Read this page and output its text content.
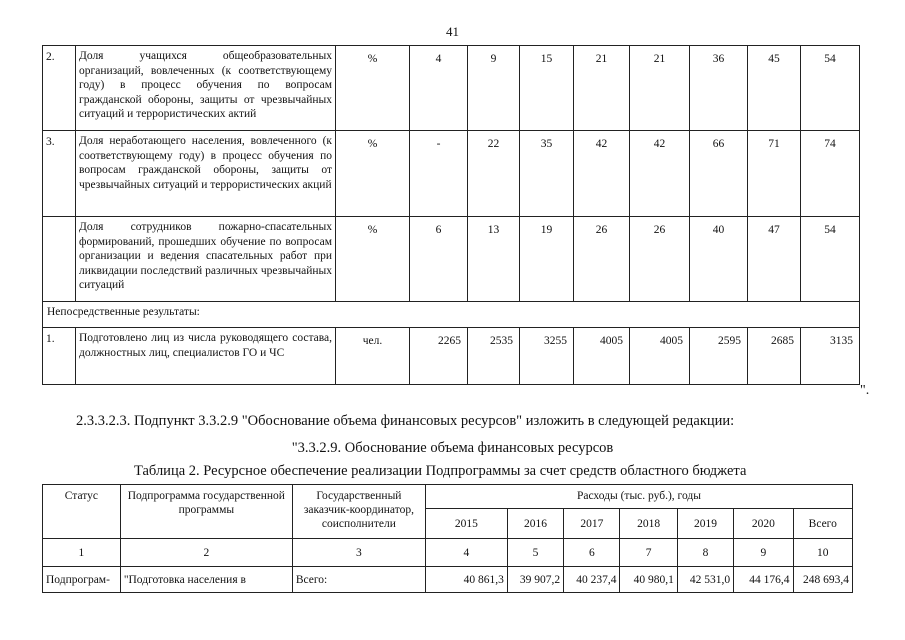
41
2.	Доля учащихся общеобразовательных организаций, вовлеченных (к соответствующему году) в процесс обучения по вопросам гражданской обороны, защиты от чрезвычайных ситуаций и террористических актий	%	4	9	15	21	21	36	45	54
3.	Доля неработающего населения, вовлеченного (к соответствующему году) в процесс обучения по вопросам гражданской обороны, защиты от чрезвычайных ситуаций и террористических акций	%	-	22	35	42	42	66	71	74
	Доля сотрудников пожарно-спасательных формирований, прошедших обучение по вопросам организации и ведения спасательных работ при ликвидации последствий различных чрезвычайных ситуаций	%	6	13	19	26	26	40	47	54
Непосредственные результаты:										
1.	Подготовлено лиц из числа руководящего состава, должностных лиц, специалистов ГО и ЧС	чел.	2265	2535	3255	4005	4005	2595	2685	3135
".
2.3.3.2.3. Подпункт 3.3.2.9 "Обоснование объема финансовых ресурсов" изложить в следующей редакции:
"3.3.2.9. Обоснование объема финансовых ресурсов
Таблица 2. Ресурсное обеспечение реализации Подпрограммы за счет средств областного бюджета
Статус	Подпрограмма государственной программы	Государственный заказчик-координатор, соисполнители	Расходы (тыс. руб.), годы						
			2015	2016	2017	2018	2019	2020	Всего
1	2	3	4	5	6	7	8	9	10
Подпрограм-	"Подготовка населения в	Всего:	40 861,3	39 907,2	40 237,4	40 980,1	42 531,0	44 176,4	248 693,4
